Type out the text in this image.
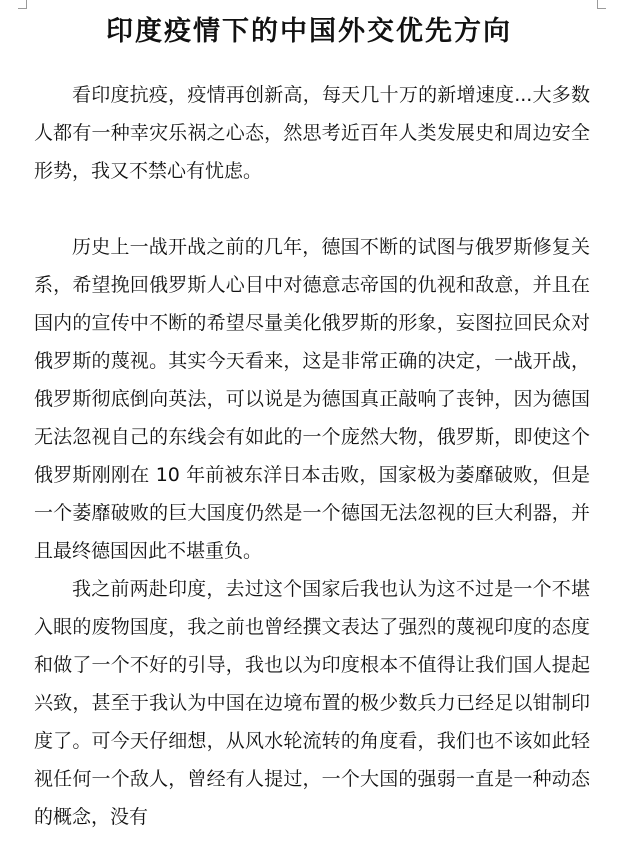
印度疫情下的中国外交优先方向

看印度抗疫，疫情再创新高，每天几十万的新增速度...大多数人都有一种幸灾乐祸之心态，然思考近百年人类发展史和周边安全形势，我又不禁心有忧虑。

历史上一战开战之前的几年，德国不断的试图与俄罗斯修复关系，希望挽回俄罗斯人心目中对德意志帝国的仇视和敌意，并且在国内的宣传中不断的希望尽量美化俄罗斯的形象，妄图拉回民众对俄罗斯的蔑视。其实今天看来，这是非常正确的决定，一战开战，俄罗斯彻底倒向英法，可以说是为德国真正敲响了丧钟，因为德国无法忽视自己的东线会有如此的一个庞然大物，俄罗斯，即使这个俄罗斯刚刚在 10 年前被东洋日本击败，国家极为萎靡破败，但是一个萎靡破败的巨大国度仍然是一个德国无法忽视的巨大利器，并且最终德国因此不堪重负。

我之前两赴印度，去过这个国家后我也认为这不过是一个不堪入眼的废物国度，我之前也曾经撰文表达了强烈的蔑视印度的态度和做了一个不好的引导，我也以为印度根本不值得让我们国人提起兴致，甚至于我认为中国在边境布置的极少数兵力已经足以钳制印度了。可今天仔细想，从风水轮流转的角度看，我们也不该如此轻视任何一个敌人，曾经有人提过，一个大国的强弱一直是一种动态的概念，没有
